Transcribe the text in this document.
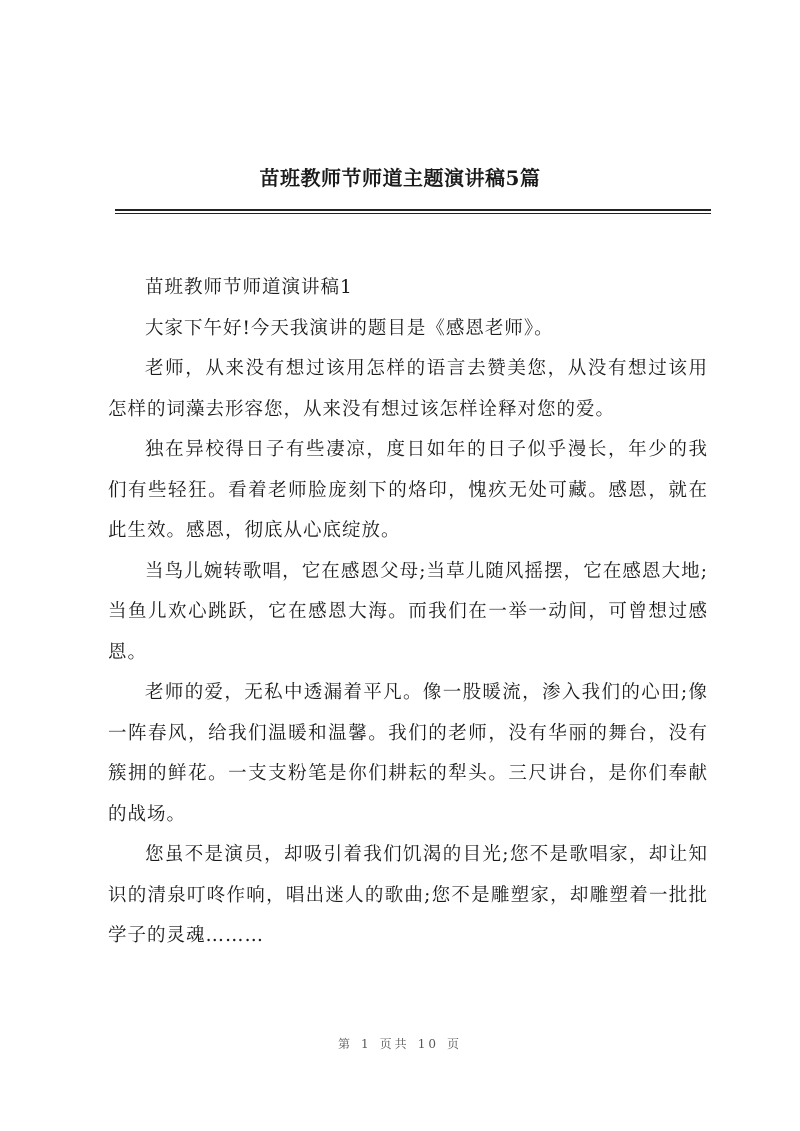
苗班教师节师道主题演讲稿5篇

苗班教师节师道演讲稿1

大家下午好!今天我演讲的题目是《感恩老师》。

老师，从来没有想过该用怎样的语言去赞美您，从没有想过该用怎样的词藻去形容您，从来没有想过该怎样诠释对您的爱。

独在异校得日子有些凄凉，度日如年的日子似乎漫长，年少的我们有些轻狂。看着老师脸庞刻下的烙印，愧疚无处可藏。感恩，就在此生效。感恩，彻底从心底绽放。

当鸟儿婉转歌唱，它在感恩父母;当草儿随风摇摆，它在感恩大地;当鱼儿欢心跳跃，它在感恩大海。而我们在一举一动间，可曾想过感恩。

老师的爱，无私中透漏着平凡。像一股暖流，渗入我们的心田;像一阵春风，给我们温暖和温馨。我们的老师，没有华丽的舞台，没有簇拥的鲜花。一支支粉笔是你们耕耘的犁头。三尺讲台，是你们奉献的战场。

您虽不是演员，却吸引着我们饥渴的目光;您不是歌唱家，却让知识的清泉叮咚作响，唱出迷人的歌曲;您不是雕塑家，却雕塑着一批批学子的灵魂………

第 1 页共 10 页
